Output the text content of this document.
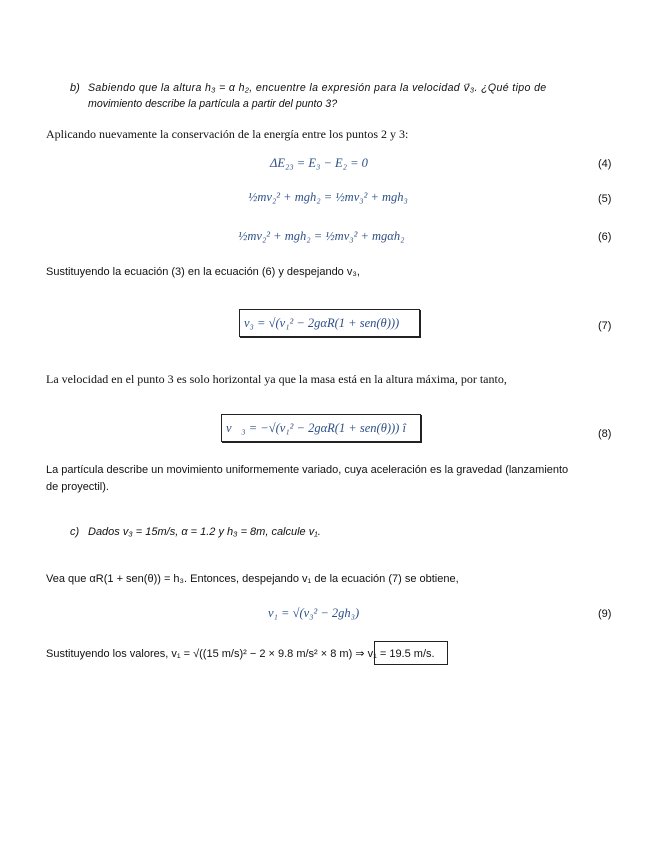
b) Sabiendo que la altura h₃ = α h₂, encuentre la expresión para la velocidad v⃗₃. ¿Qué tipo de
movimiento describe la partícula a partir del punto 3?
Aplicando nuevamente la conservación de la energía entre los puntos 2 y 3:
ΔE₂₃ = E₃ − E₂ = 0	(4)
½mv₂² + mgh₂ = ½mv₃² + mgh₃	(5)
½mv₂² + mgh₂ = ½mv₃² + mgαh₂	(6)
Sustituyendo la ecuación (3) en la ecuación (6) y despejando v₃,
v₃ = √(v₁² − 2gαR(1 + sen(θ)))	(7)
La velocidad en el punto 3 es solo horizontal ya que la masa está en la altura máxima, por tanto,
v⃗₃ = −√(v₁² − 2gαR(1 + sen(θ))) î	(8)
La partícula describe un movimiento uniformemente variado, cuya aceleración es la gravedad (lanzamiento
de proyectil).
c) Dados v₃ = 15m/s, α = 1.2 y h₃ = 8m, calcule v₁.
Vea que αR(1 + sen(θ)) = h₃. Entonces, despejando v₁ de la ecuación (7) se obtiene,
v₁ = √(v₃² − 2gh₃)	(9)
Sustituyendo los valores, v₁ = √((15 m/s)² − 2 × 9.8 m/s² × 8 m) ⇒ v₁ = 19.5 m/s.
